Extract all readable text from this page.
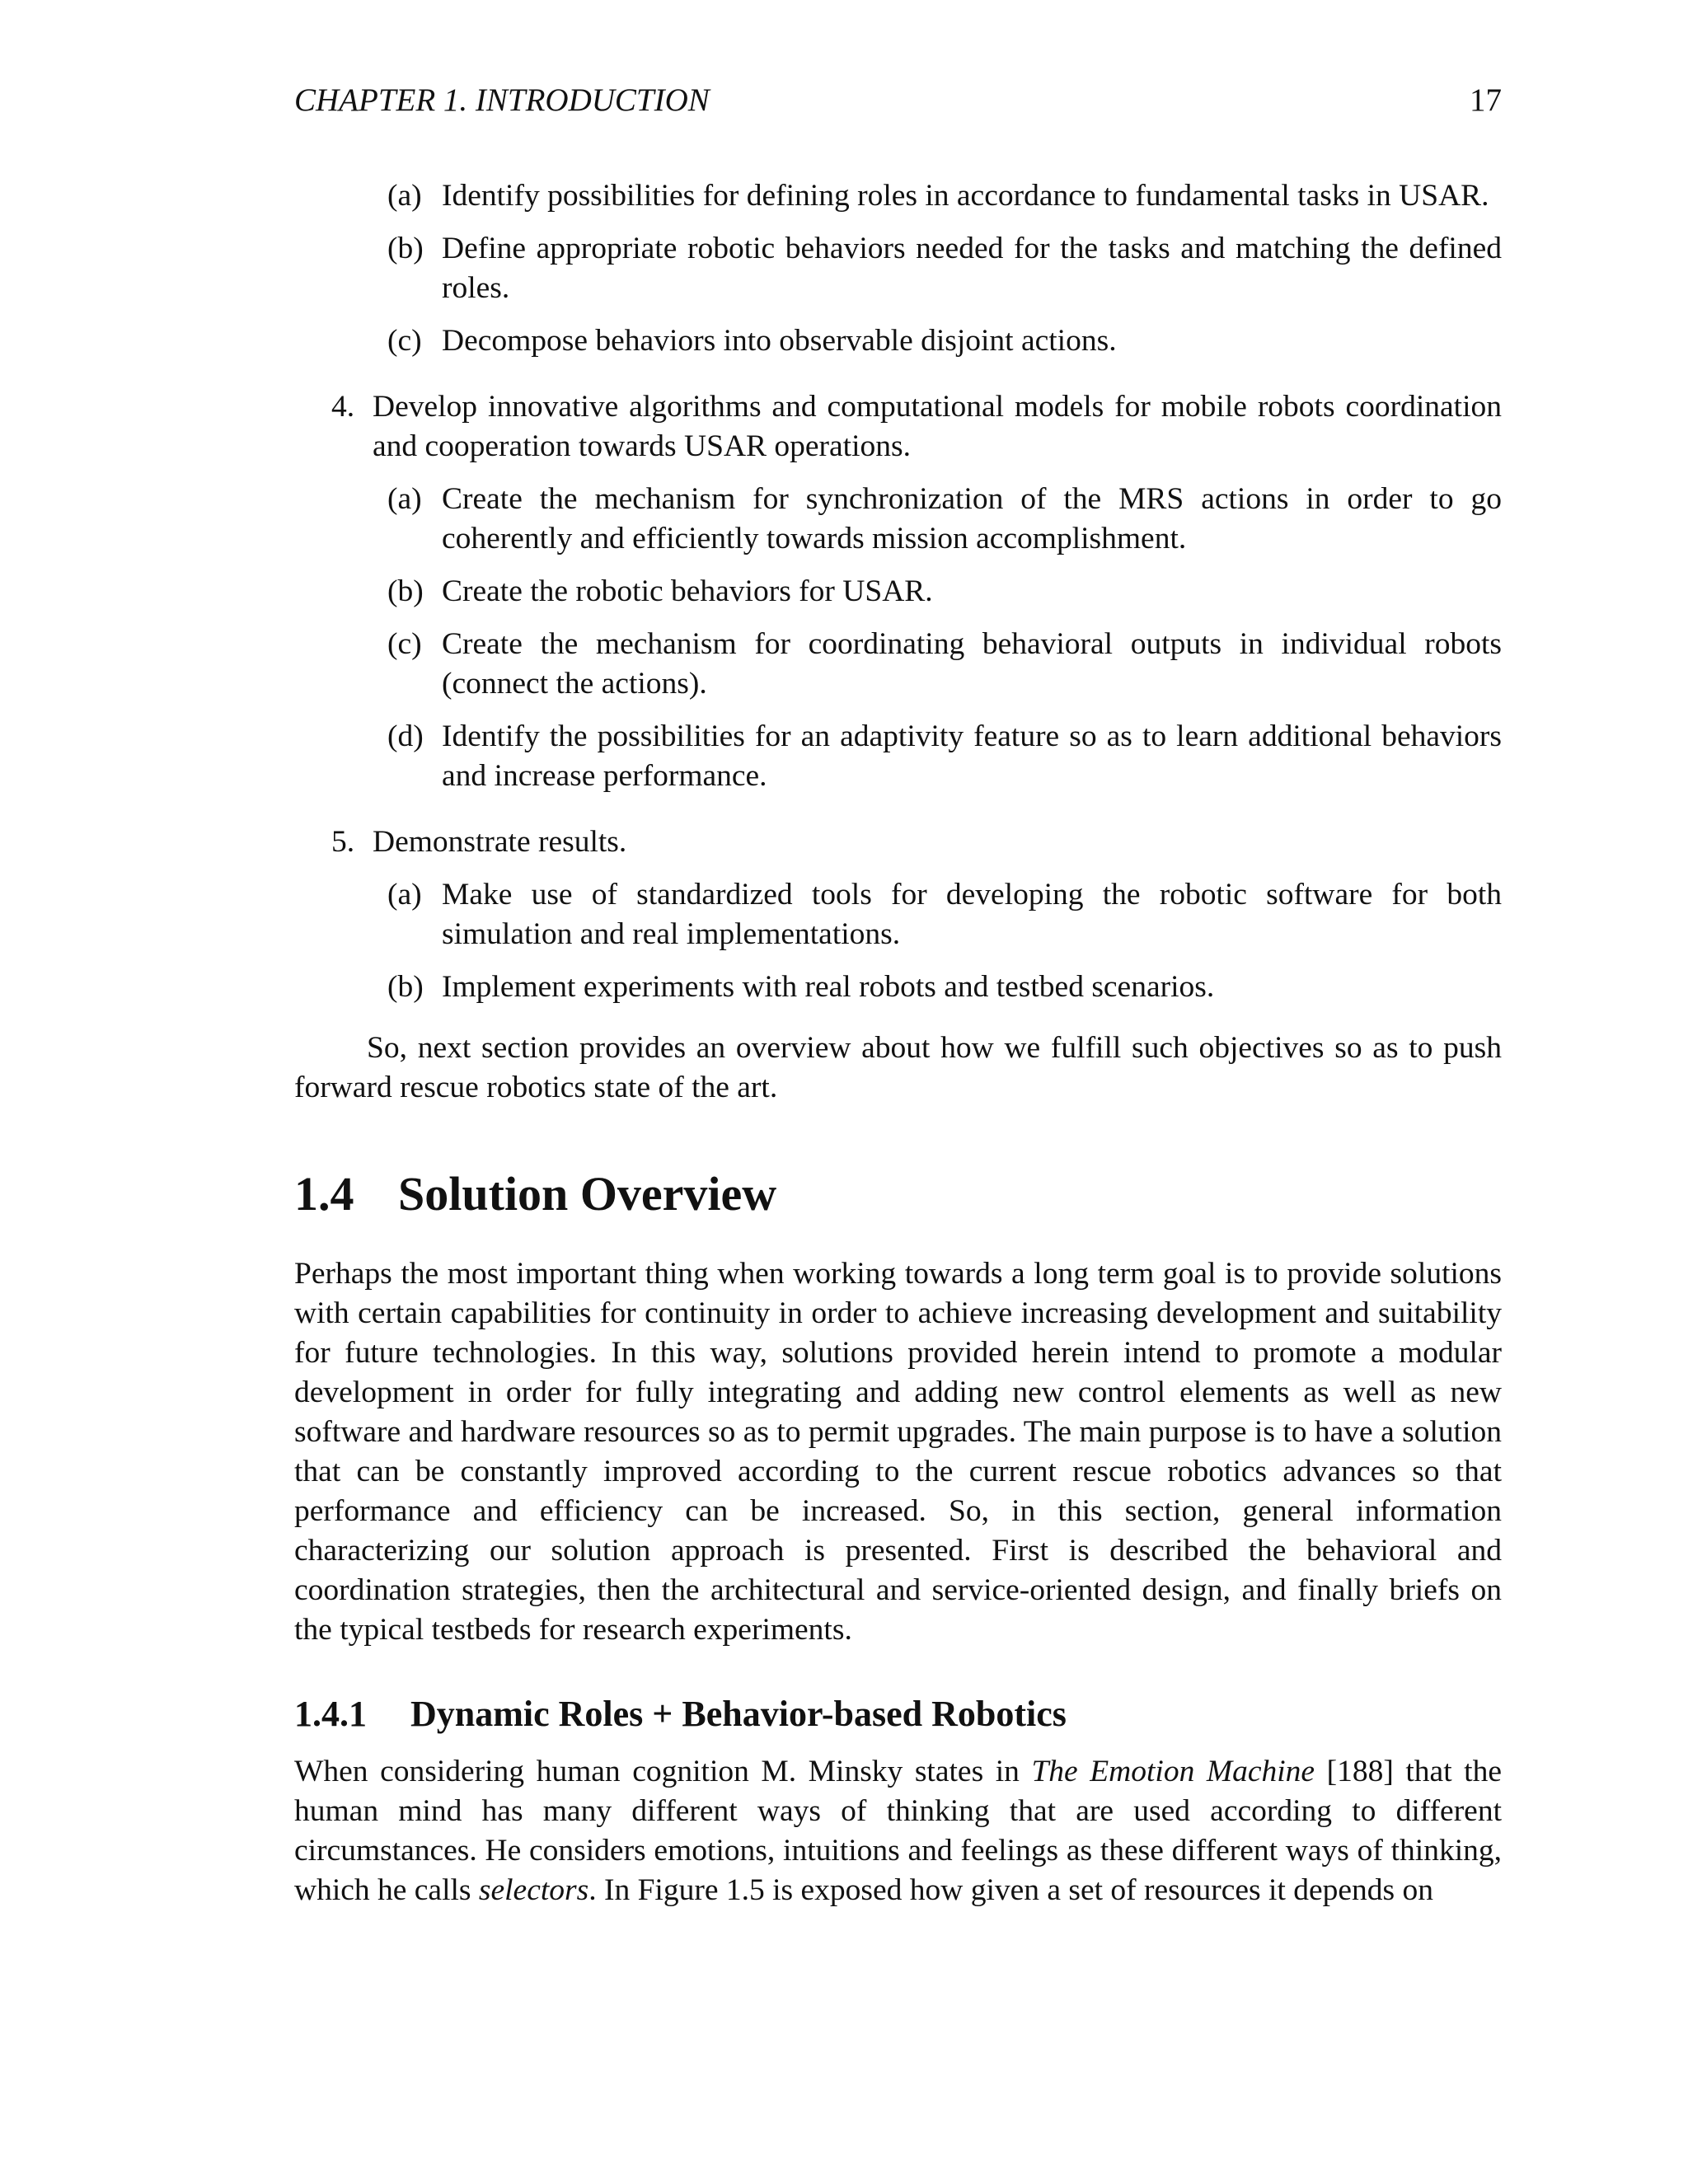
CHAPTER 1. INTRODUCTION	17
(a) Identify possibilities for defining roles in accordance to fundamental tasks in USAR.
(b) Define appropriate robotic behaviors needed for the tasks and matching the defined roles.
(c) Decompose behaviors into observable disjoint actions.
4. Develop innovative algorithms and computational models for mobile robots coordination and cooperation towards USAR operations.
(a) Create the mechanism for synchronization of the MRS actions in order to go coherently and efficiently towards mission accomplishment.
(b) Create the robotic behaviors for USAR.
(c) Create the mechanism for coordinating behavioral outputs in individual robots (connect the actions).
(d) Identify the possibilities for an adaptivity feature so as to learn additional behaviors and increase performance.
5. Demonstrate results.
(a) Make use of standardized tools for developing the robotic software for both simulation and real implementations.
(b) Implement experiments with real robots and testbed scenarios.

So, next section provides an overview about how we fulfill such objectives so as to push forward rescue robotics state of the art.

1.4 Solution Overview

Perhaps the most important thing when working towards a long term goal is to provide solutions with certain capabilities for continuity in order to achieve increasing development and suitability for future technologies. In this way, solutions provided herein intend to promote a modular development in order for fully integrating and adding new control elements as well as new software and hardware resources so as to permit upgrades. The main purpose is to have a solution that can be constantly improved according to the current rescue robotics advances so that performance and efficiency can be increased. So, in this section, general information characterizing our solution approach is presented. First is described the behavioral and coordination strategies, then the architectural and service-oriented design, and finally briefs on the typical testbeds for research experiments.

1.4.1 Dynamic Roles + Behavior-based Robotics

When considering human cognition M. Minsky states in The Emotion Machine [188] that the human mind has many different ways of thinking that are used according to different circumstances. He considers emotions, intuitions and feelings as these different ways of thinking, which he calls selectors. In Figure 1.5 is exposed how given a set of resources it depends on
